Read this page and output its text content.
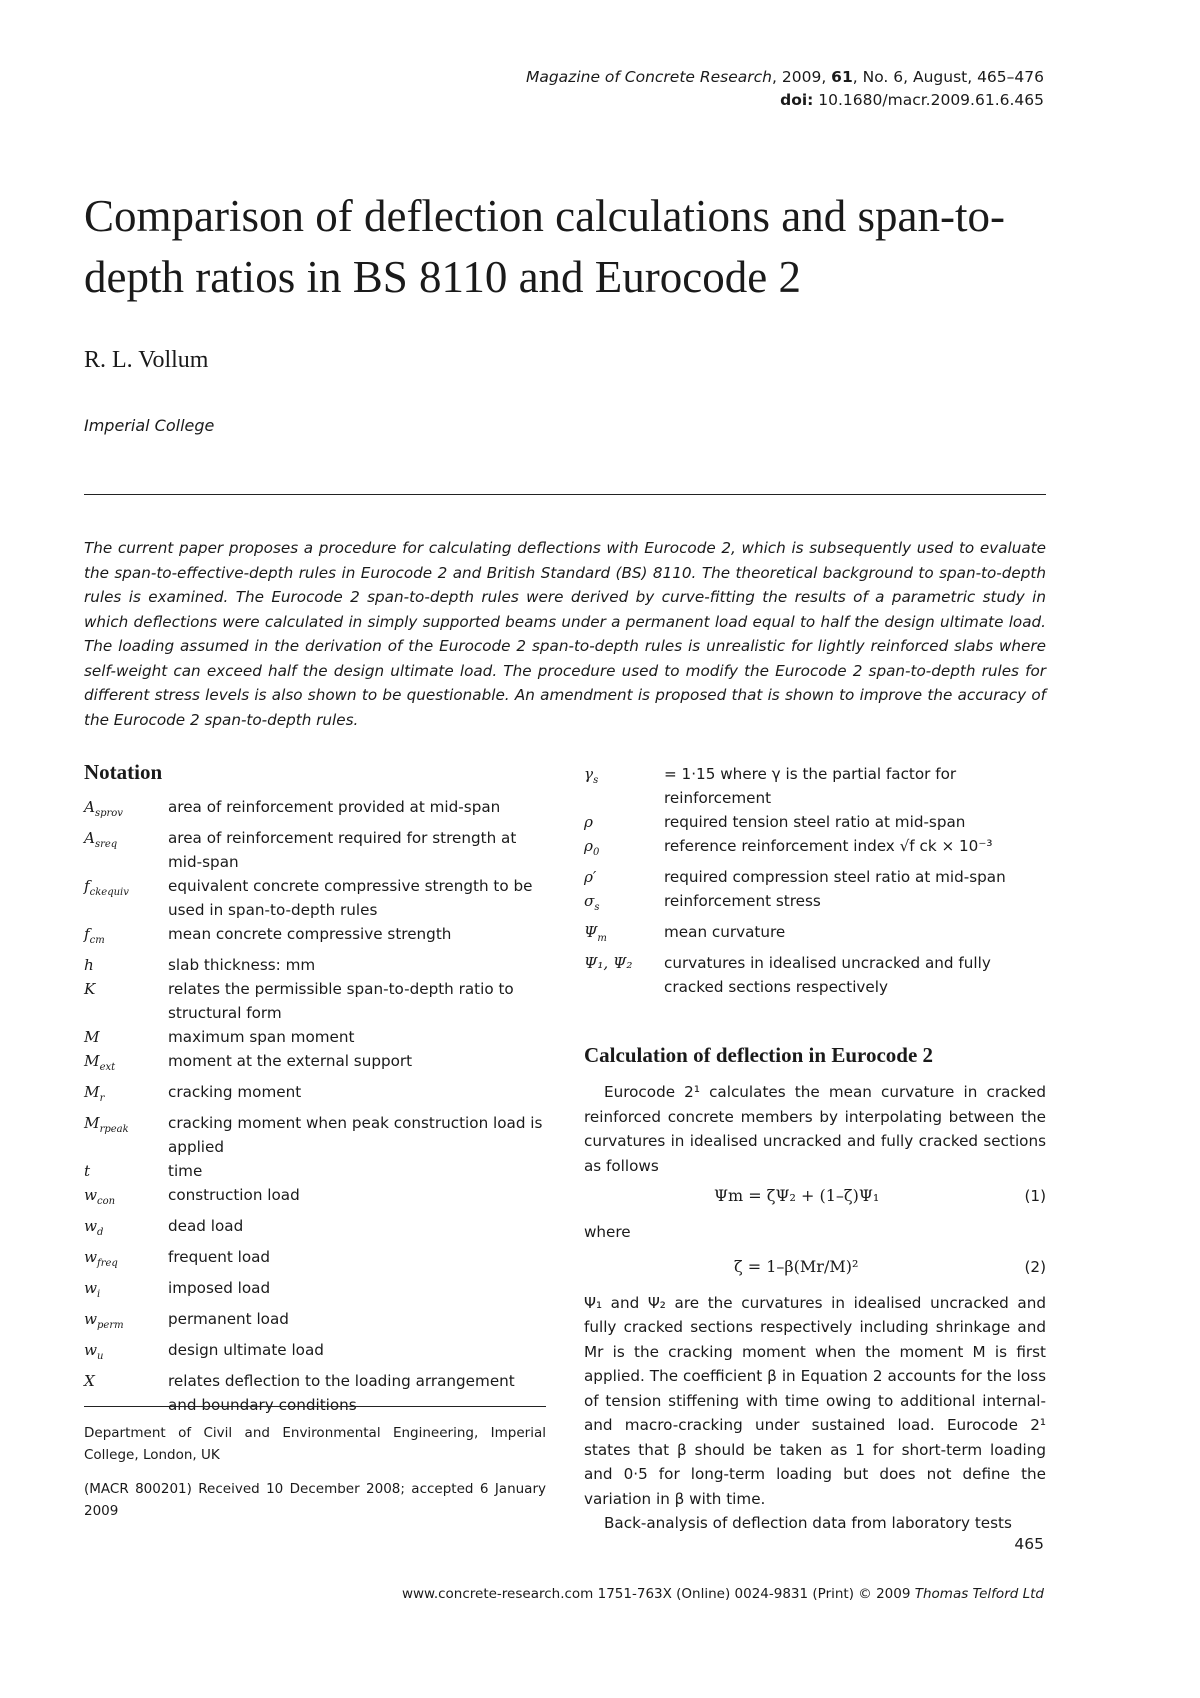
Magazine of Concrete Research, 2009, 61, No. 6, August, 465–476
doi: 10.1680/macr.2009.61.6.465
Comparison of deflection calculations and span-to-depth ratios in BS 8110 and Eurocode 2
R. L. Vollum
Imperial College

The current paper proposes a procedure for calculating deflections with Eurocode 2, which is subsequently used to evaluate the span-to-effective-depth rules in Eurocode 2 and British Standard (BS) 8110. The theoretical background to span-to-depth rules is examined. The Eurocode 2 span-to-depth rules were derived by curve-fitting the results of a parametric study in which deflections were calculated in simply supported beams under a permanent load equal to half the design ultimate load. The loading assumed in the derivation of the Eurocode 2 span-to-depth rules is unrealistic for lightly reinforced slabs where self-weight can exceed half the design ultimate load. The procedure used to modify the Eurocode 2 span-to-depth rules for different stress levels is also shown to be questionable. An amendment is proposed that is shown to improve the accuracy of the Eurocode 2 span-to-depth rules.

Notation
$A_{sprov}$	area of reinforcement provided at mid-span
$A_{sreq}$	area of reinforcement required for strength at mid-span
$f_{ckequiv}$	equivalent concrete compressive strength to be used in span-to-depth rules
$f_{cm}$	mean concrete compressive strength
h	slab thickness: mm
K	relates the permissible span-to-depth ratio to structural form
M	maximum span moment
$M_{ext}$	moment at the external support
$M_r$	cracking moment
$M_{rpeak}$	cracking moment when peak construction load is applied
t	time
$w_{con}$	construction load
$w_d$	dead load
$w_{freq}$	frequent load
$w_i$	imposed load
$w_{perm}$	permanent load
$w_u$	design ultimate load
X	relates deflection to the loading arrangement and boundary conditions

Department of Civil and Environmental Engineering, Imperial College, London, UK

(MACR 800201) Received 10 December 2008; accepted 6 January 2009

$\gamma_s$	= 1·15 where γ is the partial factor for reinforcement
ρ	required tension steel ratio at mid-span
$\rho_0$	reference reinforcement index √f ck × 10⁻³
ρ′	required compression steel ratio at mid-span
$\sigma_s$	reinforcement stress
$\Psi_m$	mean curvature
Ψ₁, Ψ₂	curvatures in idealised uncracked and fully cracked sections respectively
Calculation of deflection in Eurocode 2

Eurocode 2¹ calculates the mean curvature in cracked reinforced concrete members by interpolating between the curvatures in idealised uncracked and fully cracked sections as follows

Ψm = ζΨ₂ + (1–ζ)Ψ₁	(1)

where

ζ = 1–β(Mr/M)²	(2)

Ψ₁ and Ψ₂ are the curvatures in idealised uncracked and fully cracked sections respectively including shrinkage and Mr is the cracking moment when the moment M is first applied. The coefficient β in Equation 2 accounts for the loss of tension stiffening with time owing to additional internal- and macro-cracking under sustained load. Eurocode 2¹ states that β should be taken as 1 for short-term loading and 0·5 for long-term loading but does not define the variation in β with time.

Back-analysis of deflection data from laboratory tests

465
www.concrete-research.com 1751-763X (Online) 0024-9831 (Print) © 2009 Thomas Telford Ltd
